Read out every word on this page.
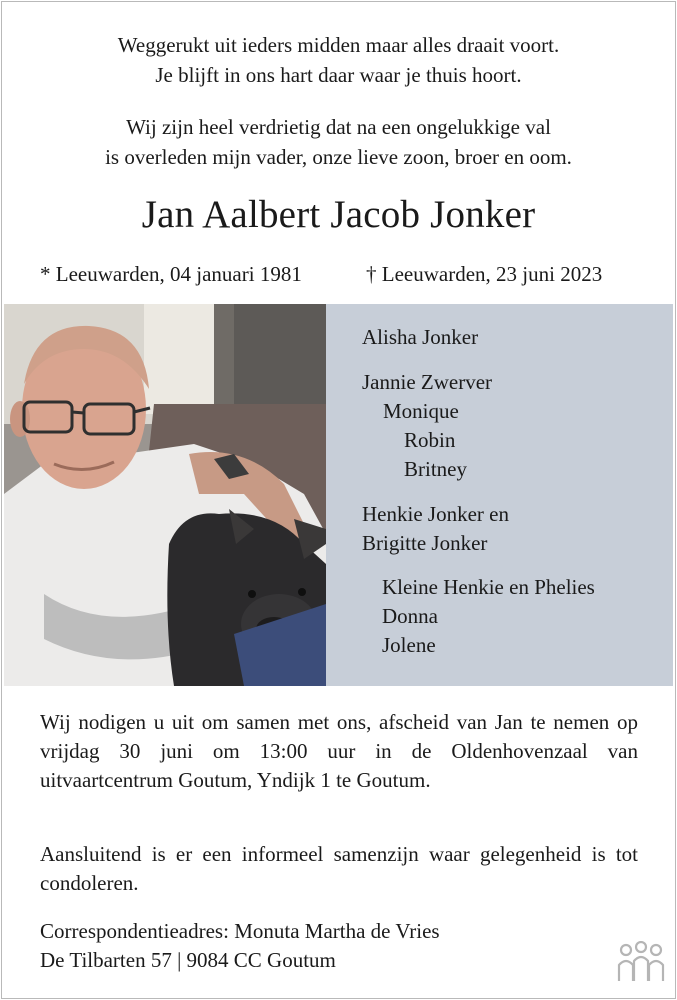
Weggerukt uit ieders midden maar alles draait voort.
Je blijft in ons hart daar waar je thuis hoort.
Wij zijn heel verdrietig dat na een ongelukkige val
is overleden mijn vader, onze lieve zoon, broer en oom.
Jan Aalbert Jacob Jonker
* Leeuwarden, 04 januari 1981	† Leeuwarden, 23 juni 2023
Alisha Jonker
Jannie Zwerver
Monique
Robin
Britney
Henkie Jonker en
Brigitte Jonker
Kleine Henkie en Phelies
Donna
Jolene
Wij nodigen u uit om samen met ons, afscheid van Jan te nemen op vrijdag 30 juni om 13:00 uur in de Oldenhovenzaal van uitvaartcentrum Goutum, Yndijk 1 te Goutum.
Aansluitend is er een informeel samenzijn waar gelegenheid is tot condoleren.
Correspondentieadres: Monuta Martha de Vries
De Tilbarten 57 | 9084 CC Goutum
